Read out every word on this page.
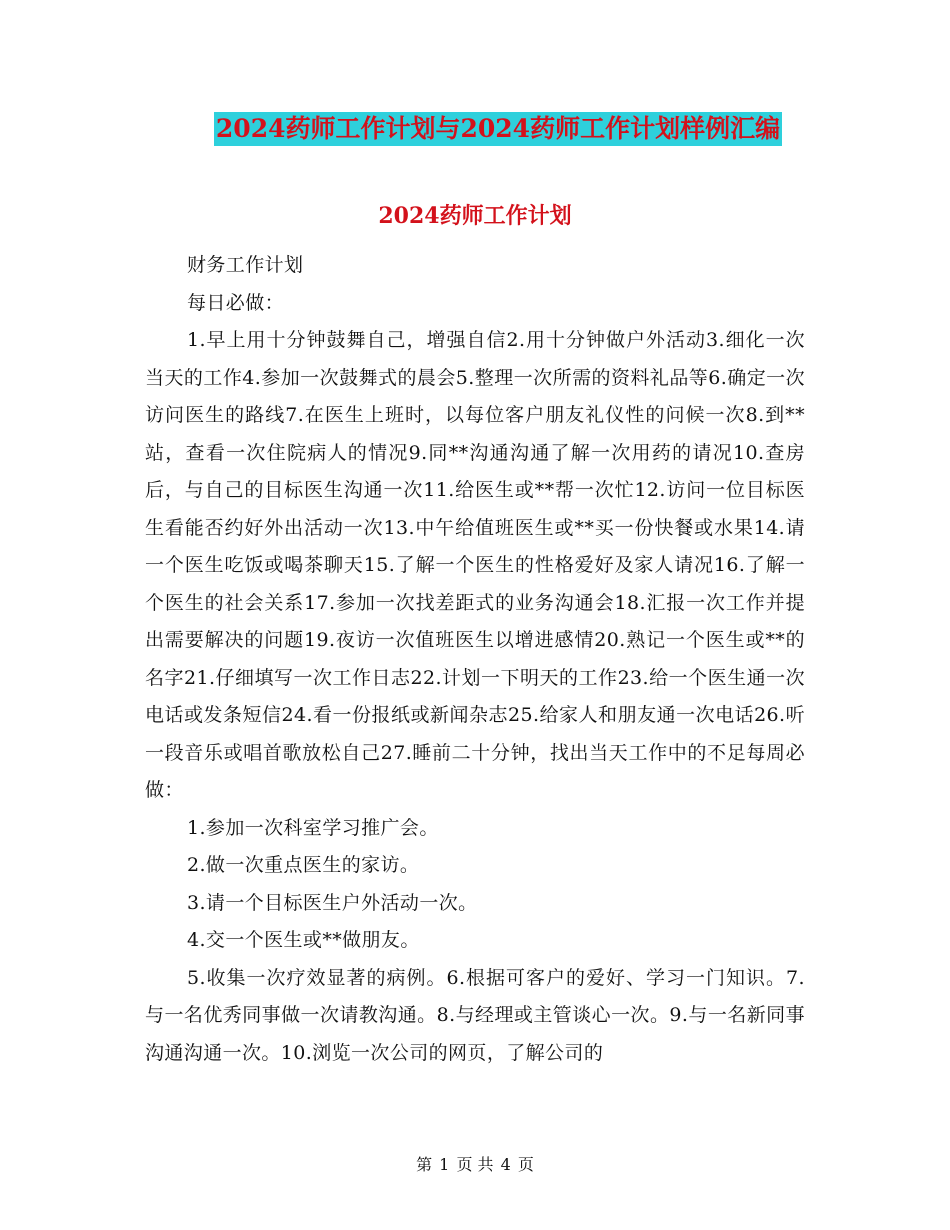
2024药师工作计划与2024药师工作计划样例汇编
2024药师工作计划

财务工作计划

每日必做：

1.早上用十分钟鼓舞自己，增强自信2.用十分钟做户外活动3.细化一次当天的工作4.参加一次鼓舞式的晨会5.整理一次所需的资料礼品等6.确定一次访问医生的路线7.在医生上班时，以每位客户朋友礼仪性的问候一次8.到**站，查看一次住院病人的情况9.同**沟通沟通了解一次用药的请况10.查房后，与自己的目标医生沟通一次11.给医生或**帮一次忙12.访问一位目标医生看能否约好外出活动一次13.中午给值班医生或**买一份快餐或水果14.请一个医生吃饭或喝茶聊天15.了解一个医生的性格爱好及家人请况16.了解一个医生的社会关系17.参加一次找差距式的业务沟通会18.汇报一次工作并提出需要解决的问题19.夜访一次值班医生以增进感情20.熟记一个医生或**的名字21.仔细填写一次工作日志22.计划一下明天的工作23.给一个医生通一次电话或发条短信24.看一份报纸或新闻杂志25.给家人和朋友通一次电话26.听一段音乐或唱首歌放松自己27.睡前二十分钟，找出当天工作中的不足每周必做：

1.参加一次科室学习推广会。

2.做一次重点医生的家访。

3.请一个目标医生户外活动一次。

4.交一个医生或**做朋友。

5.收集一次疗效显著的病例。6.根据可客户的爱好、学习一门知识。7.与一名优秀同事做一次请教沟通。8.与经理或主管谈心一次。9.与一名新同事沟通沟通一次。10.浏览一次公司的网页，了解公司的

第 1 页 共 4 页
